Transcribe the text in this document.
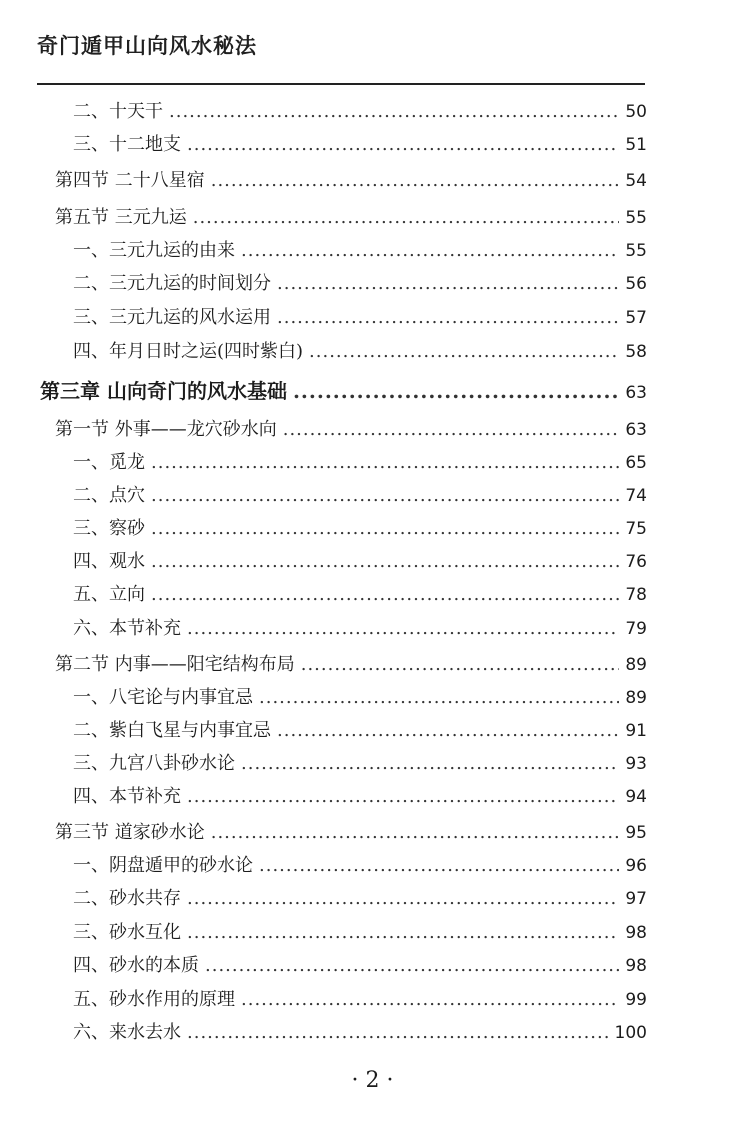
奇门遁甲山向风水秘法
二、十天干 .....	50
三、十二地支 .....	51
第四节 二十八星宿 .....	54
第五节 三元九运 .....	55
一、三元九运的由来 .....	55
二、三元九运的时间划分 .....	56
三、三元九运的风水运用 .....	57
四、年月日时之运(四时紫白) .....	58
第三章 山向奇门的风水基础 .....	63
第一节 外事——龙穴砂水向 .....	63
一、觅龙 .....	65
二、点穴 .....	74
三、察砂 .....	75
四、观水 .....	76
五、立向 .....	78
六、本节补充 .....	79
第二节 内事——阳宅结构布局 .....	89
一、八宅论与内事宜忌 .....	89
二、紫白飞星与内事宜忌 .....	91
三、九宫八卦砂水论 .....	93
四、本节补充 .....	94
第三节 道家砂水论 .....	95
一、阴盘遁甲的砂水论 .....	96
二、砂水共存 .....	97
三、砂水互化 .....	98
四、砂水的本质 .....	98
五、砂水作用的原理 .....	99
六、来水去水 .....	100
· 2 ·
